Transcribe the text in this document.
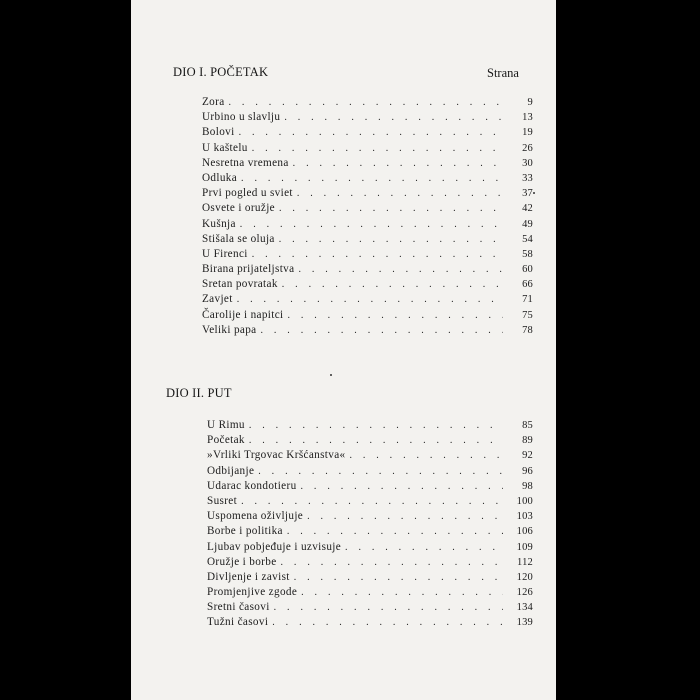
DIO I. POČETAK	Strana
Zora . . .	9
Urbino u slavlju . . .	13
Bolovi . . .	19
U kaštelu . . .	26
Nesretna vremena . . .	30
Odluka . . .	33
Prvi pogled u sviet . . .	37
Osvete i oružje . . .	42
Kušnja . . .	49
Stišala se oluja . . .	54
U Firenci . . .	58
Birana prijateljstva . . .	60
Sretan povratak . . .	66
Zavjet . . .	71
Čarolije i napitci . . .	75
Veliki papa . . .	78
DIO II. PUT
U Rimu . . .	85
Početak . . .	89
»Vrliki Trgovac Kršćanstva« . . .	92
Odbijanje . . .	96
Udarac kondotieru . . .	98
Susret . . .	100
Uspomena oživljuje . . .	103
Borbe i politika . . .	106
Ljubav pobjeđuje i uzvisuje . . .	109
Oružje i borbe . . .	112
Divljenje i zavist . . .	120
Promjenjive zgode . . .	126
Sretni časovi . . .	134
Tužni časovi . . .	139
